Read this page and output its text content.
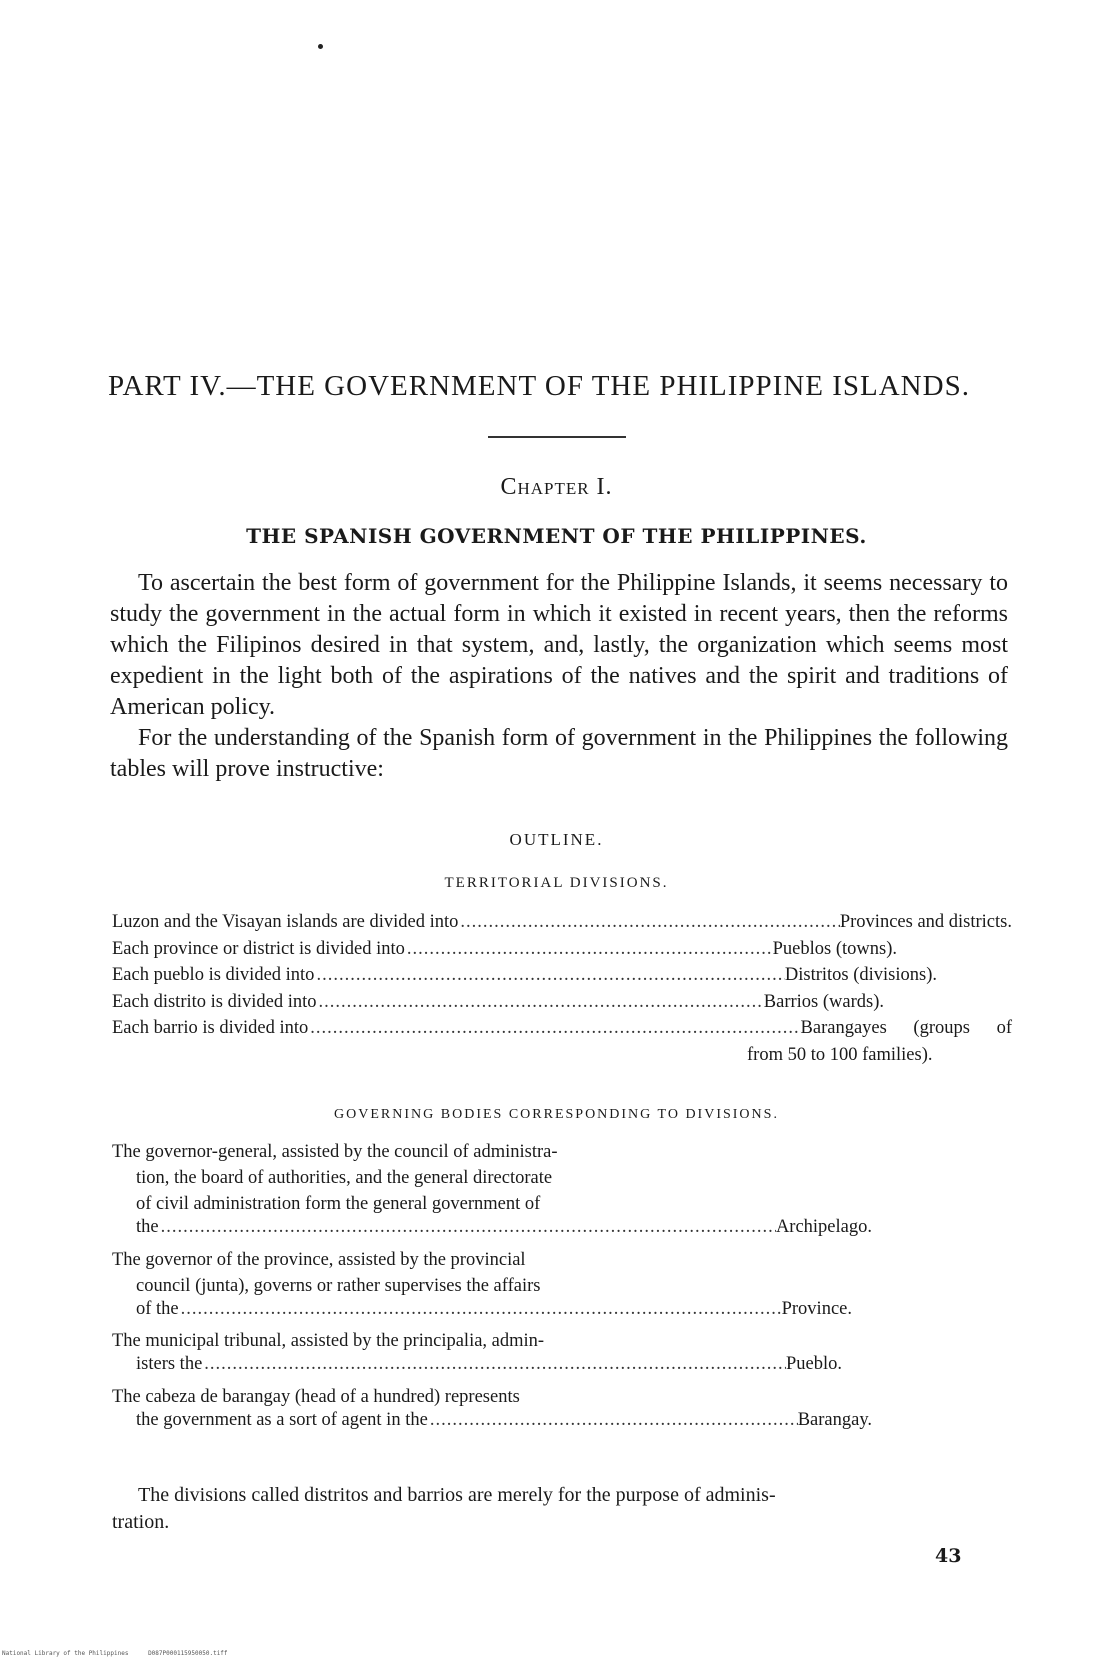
PART IV.—THE GOVERNMENT OF THE PHILIPPINE ISLANDS.
Chapter I.
THE SPANISH GOVERNMENT OF THE PHILIPPINES.

To ascertain the best form of government for the Philippine Islands, it seems necessary to study the government in the actual form in which it existed in recent years, then the reforms which the Filipinos desired in that system, and, lastly, the organization which seems most expedient in the light both of the aspirations of the natives and the spirit and traditions of American policy.

For the understanding of the Spanish form of government in the Philippines the following tables will prove instructive:

OUTLINE.
TERRITORIAL DIVISIONS.
Luzon and the Visayan islands are divided into .....	Provinces and districts.
Each province or district is divided into .....	Pueblos (towns).
Each pueblo is divided into .....	Distritos (divisions).
Each distrito is divided into .....	Barrios (wards).
Each barrio is divided into .....	Barangayes (groups of
from 50 to 100 families).
GOVERNING BODIES CORRESPONDING TO DIVISIONS.
The governor-general, assisted by the council of administra-
tion, the board of authorities, and the general directorate
of civil administration form the general government of
the .....	Archipelago.
The governor of the province, assisted by the provincial
council (junta), governs or rather supervises the affairs
of the .....	Province.
The municipal tribunal, assisted by the principalia, admin-
isters the .....	Pueblo.
The cabeza de barangay (head of a hundred) represents
the government as a sort of agent in the .....	Barangay.

The divisions called distritos and barrios are merely for the purpose of adminis-

tration.

43
National Library of the Philippines	D087P000115950050.tiff
